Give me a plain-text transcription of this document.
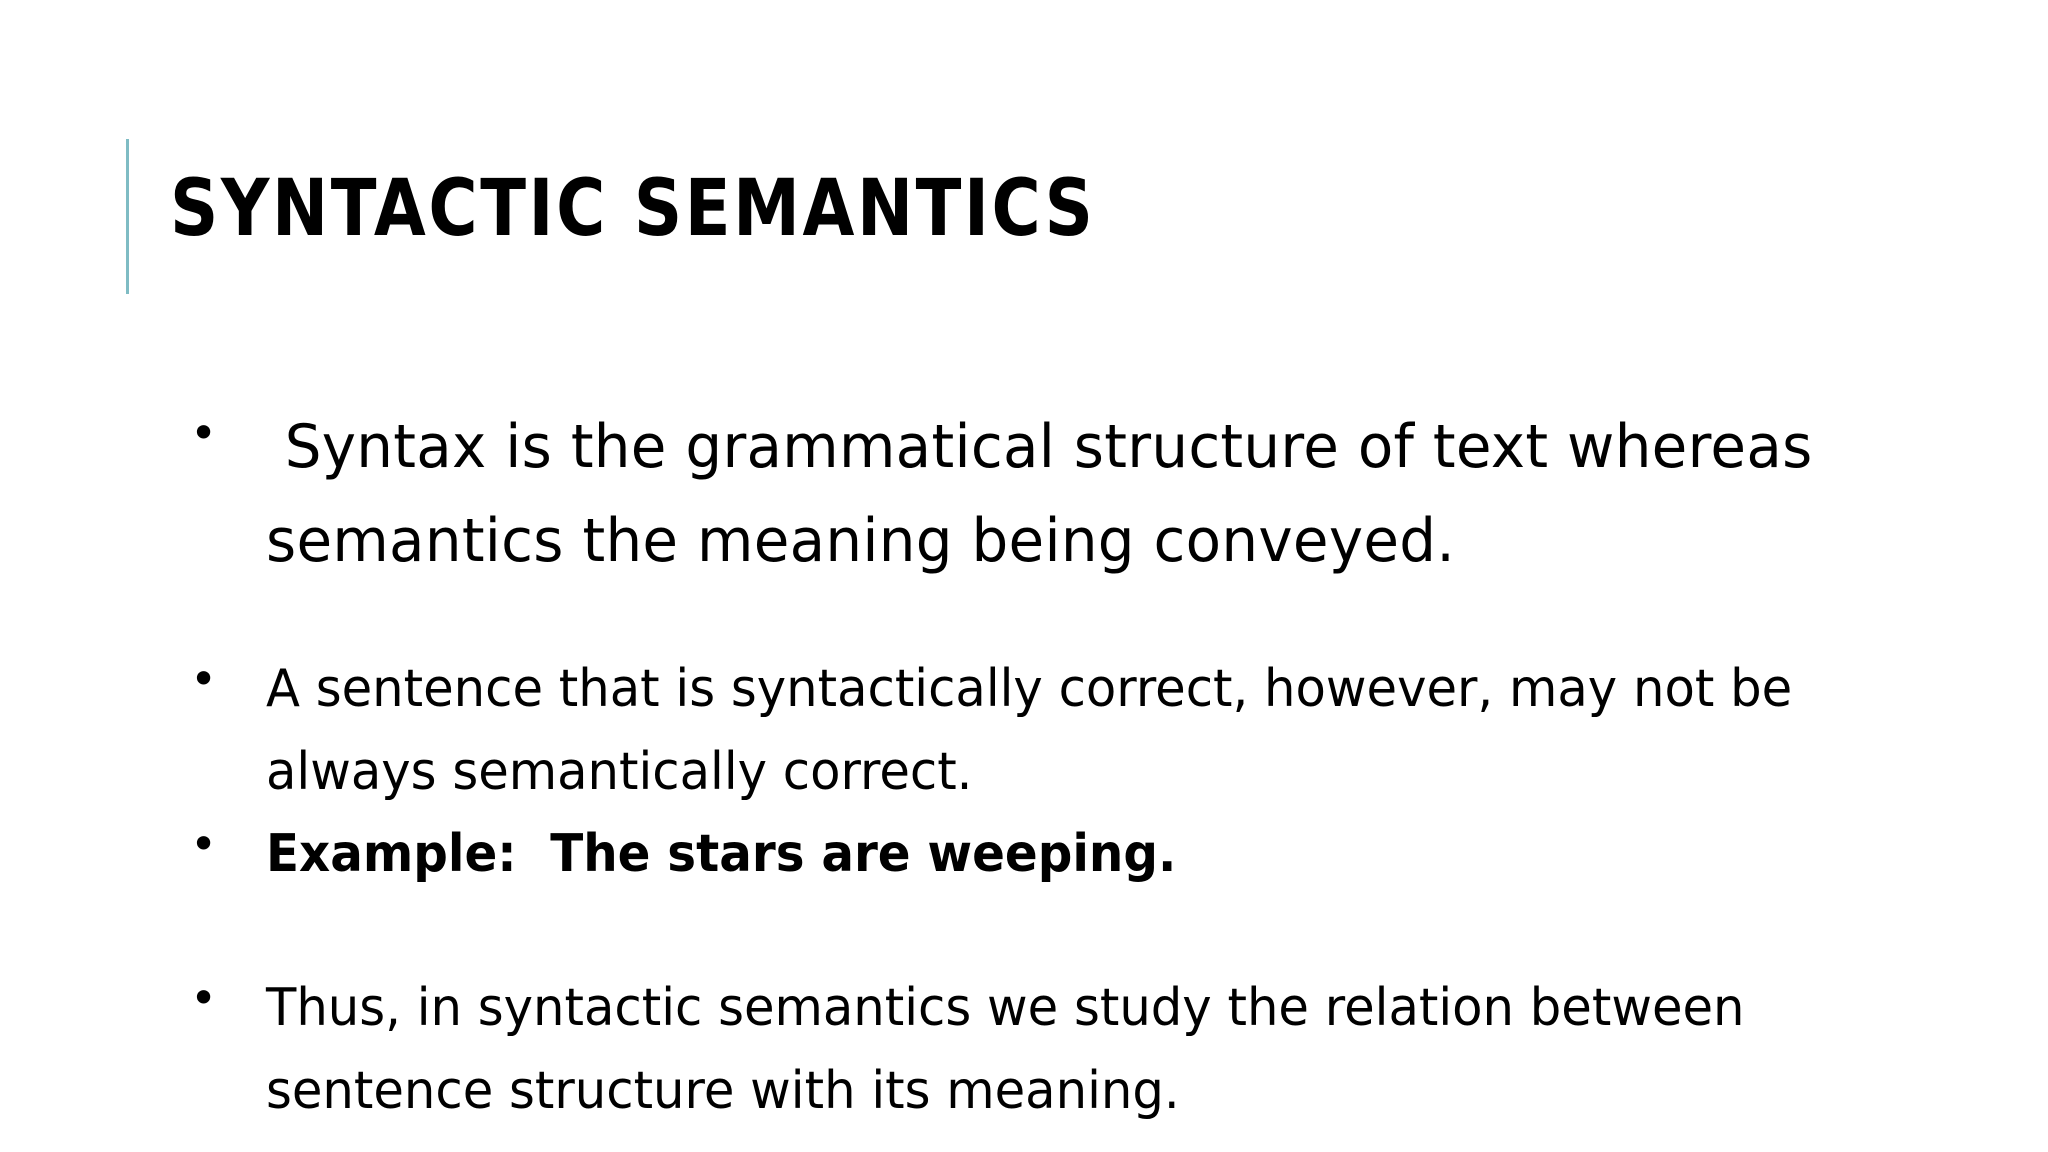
SYNTACTIC SEMANTICS
• Syntax is the grammatical structure of text whereas
semantics the meaning being conveyed.
• A sentence that is syntactically correct, however, may not be
always semantically correct.
• Example:  The stars are weeping.
• Thus, in syntactic semantics we study the relation between
sentence structure with its meaning.
